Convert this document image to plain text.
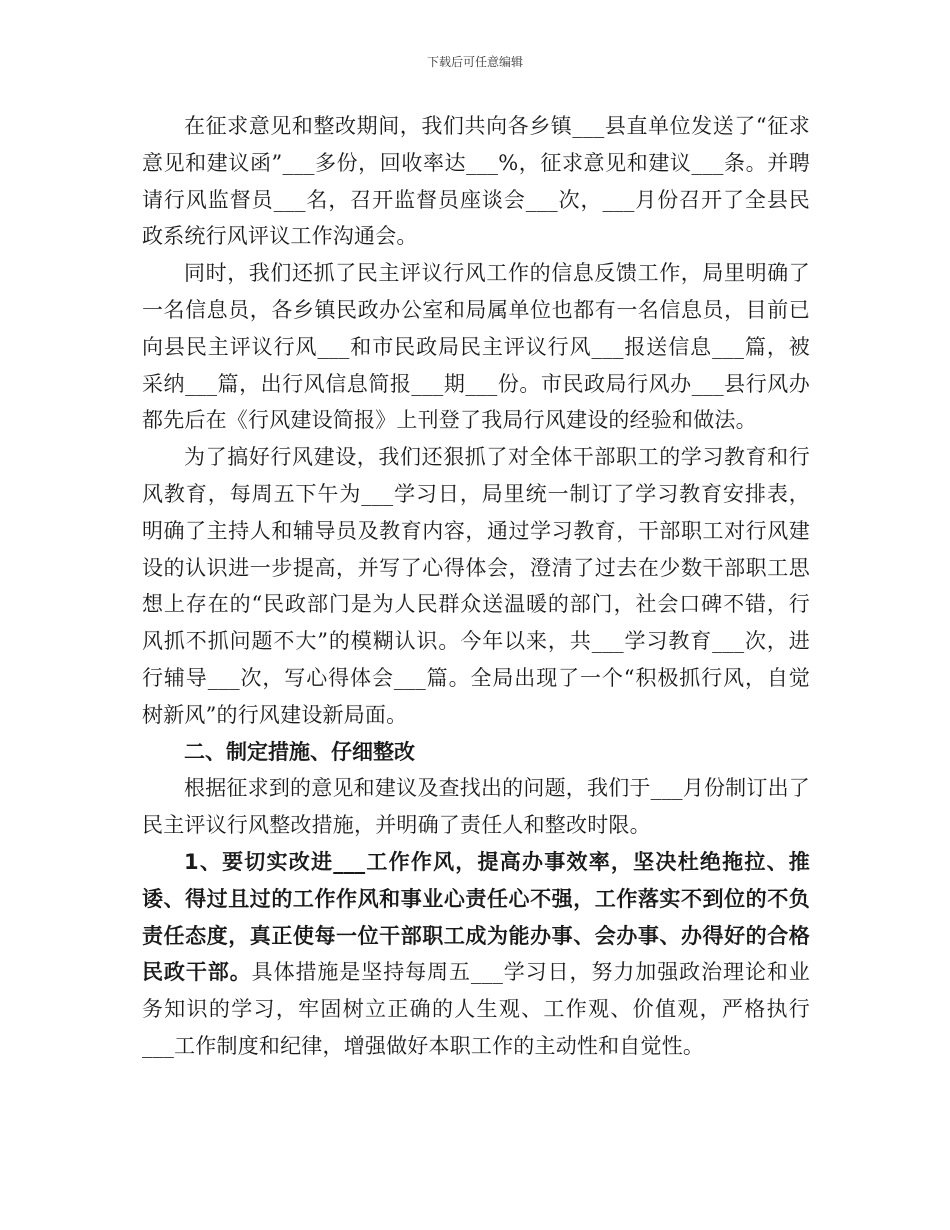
下载后可任意编辑

在征求意见和整改期间，我们共向各乡镇___县直单位发送了“征求意见和建议函”___多份，回收率达___%，征求意见和建议___条。并聘请行风监督员___名，召开监督员座谈会___次，___月份召开了全县民政系统行风评议工作沟通会。

同时，我们还抓了民主评议行风工作的信息反馈工作，局里明确了一名信息员，各乡镇民政办公室和局属单位也都有一名信息员，目前已向县民主评议行风___和市民政局民主评议行风___报送信息___篇，被采纳___篇，出行风信息简报___期___份。市民政局行风办___县行风办都先后在《行风建设简报》上刊登了我局行风建设的经验和做法。

为了搞好行风建设，我们还狠抓了对全体干部职工的学习教育和行风教育，每周五下午为___学习日，局里统一制订了学习教育安排表，明确了主持人和辅导员及教育内容，通过学习教育，干部职工对行风建设的认识进一步提高，并写了心得体会，澄清了过去在少数干部职工思想上存在的“民政部门是为人民群众送温暖的部门，社会口碑不错，行风抓不抓问题不大”的模糊认识。今年以来，共___学习教育___次，进行辅导___次，写心得体会___篇。全局出现了一个“积极抓行风，自觉树新风”的行风建设新局面。

二、制定措施、仔细整改

根据征求到的意见和建议及查找出的问题，我们于___月份制订出了民主评议行风整改措施，并明确了责任人和整改时限。

1、要切实改进___工作作风，提高办事效率，坚决杜绝拖拉、推诿、得过且过的工作作风和事业心责任心不强，工作落实不到位的不负责任态度，真正使每一位干部职工成为能办事、会办事、办得好的合格民政干部。具体措施是坚持每周五___学习日，努力加强政治理论和业务知识的学习，牢固树立正确的人生观、工作观、价值观，严格执行___工作制度和纪律，增强做好本职工作的主动性和自觉性。
